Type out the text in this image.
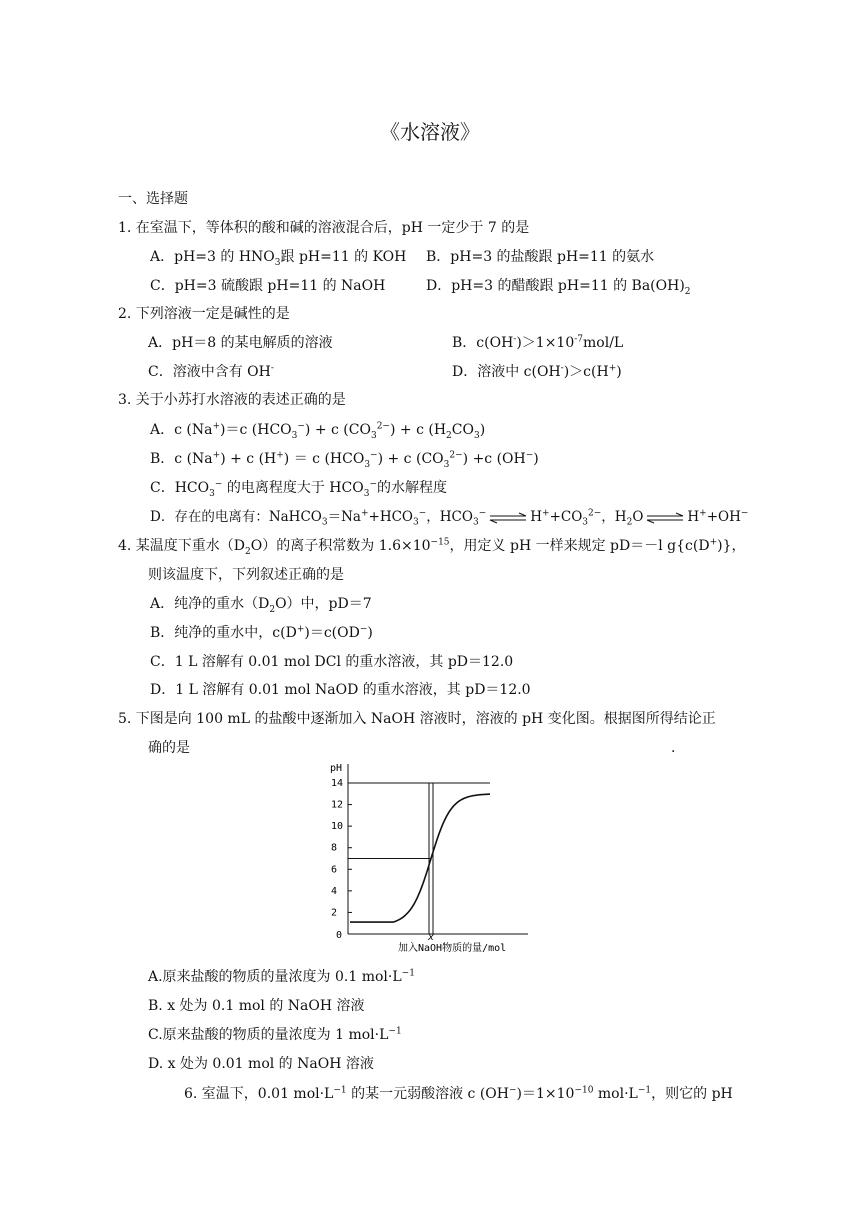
《水溶液》
一、选择题
1. 在室温下，等体积的酸和碱的溶液混合后，pH 一定少于 7 的是
A．pH=3 的 $HNO_3$跟 pH=11 的 KOH B．pH=3 的盐酸跟 pH=11 的氨水
C．pH=3 硫酸跟 pH=11 的 NaOH	D．pH=3 的醋酸跟 pH=11 的 $Ba(OH)_2$
2. 下列溶液一定是碱性的是
A．pH＝8 的某电解质的溶液	B．$c(OH^-)>1\times 10^{-7}mol/L$
C．溶液中含有 OH-	D．溶液中 c(OH-)＞c(H+)
3. 关于小苏打水溶液的表述正确的是
A．c (Na+)＝c $(HCO_3^-) + c$ $(CO_3^{2-}) + c$ $(H_2CO_3)$
B．c (Na+) + c (H+) ＝ c $(HCO_3^-) + c$ $(CO_3^{2-}) +c$ (OH−)
C．$HCO_3^-$ 的电离程度大于 $HCO_3^-$的水解程度
D．存在的电离有：$NaHCO_3=Na^++HCO_3^-$，$HCO_3^-\rightleftharpoons H^++CO_3^{2-}$，$H_2O\rightleftharpoons H^++OH^-$
4. 某温度下重水$(D_2O)$的离子积常数为 $1.6\times 10^{-15}$，用定义 pH 一样来规定 pD＝－l g{c(D+)}，
则该温度下，下列叙述正确的是
A．纯净的重水$(D_2O)$中，pD＝7
B．纯净的重水中，c(D+)＝c(OD−)
C．1 L 溶解有 0.01 mol DCl 的重水溶液，其 pD＝12.0
D．1 L 溶解有 0.01 mol NaOD 的重水溶液，其 pD＝12.0
5. 下图是向 100 mL 的盐酸中逐渐加入 NaOH 溶液时，溶液的 pH 变化图。根据图所得结论正
确的是	.
pH
2
4
6
8
10
12
14
x
加入NaOH物质的量/mol
0
A.原来盐酸的物质的量浓度为 0.1 $mol\cdot L^{-1}$
B. x 处为 0.1 mol 的 NaOH 溶液
C.原来盐酸的物质的量浓度为 1 $mol\cdot L^{-1}$
D. x 处为 0.01 mol 的 NaOH 溶液
6. 室温下，0.01 $mol\cdot L^{-1}$ 的某一元弱酸溶液 c $(OH^-)=1\times 10^{-10}$ $mol\cdot L^{-1}$，则它的 pH
